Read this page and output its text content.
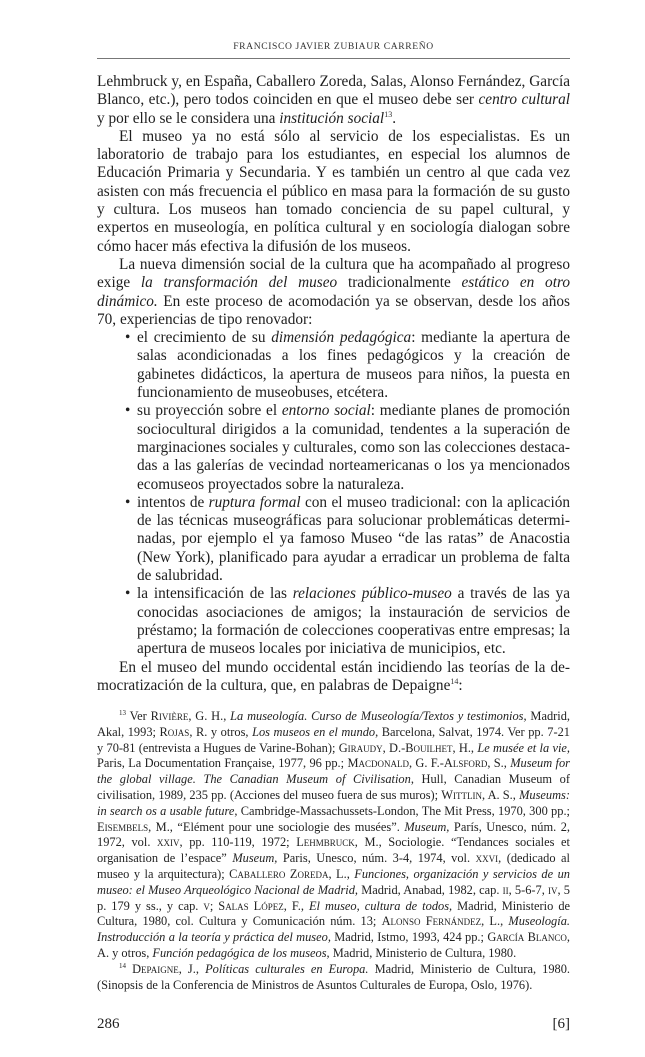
FRANCISCO JAVIER ZUBIAUR CARREÑO

Lehmbruck y, en España, Caballero Zoreda, Salas, Alonso Fernández, García Blanco, etc.), pero todos coinciden en que el museo debe ser centro cultural y por ello se le considera una institución social$^{13}$.

El museo ya no está sólo al servicio de los especialistas. Es un laboratorio de trabajo para los estudiantes, en especial los alumnos de Educación Primaria y Secundaria. Y es también un centro al que cada vez asisten con más frecuencia el público en masa para la formación de su gusto y cultura. Los museos han tomado conciencia de su papel cultural, y expertos en museología, en política cultural y en sociología dialogan sobre cómo hacer más efectiva la difusión de los museos.

La nueva dimensión social de la cultura que ha acompañado al progreso exige la transformación del museo tradicionalmente estático en otro dinámico. En este proceso de acomodación ya se observan, desde los años 70, experiencias de tipo renovador:

• el crecimiento de su dimensión pedagógica: mediante la apertura de salas acondicionadas a los fines pedagógicos y la creación de gabinetes didácticos, la apertura de museos para niños, la puesta en funcionamiento de museobuses, etcétera.
• su proyección sobre el entorno social: mediante planes de promoción sociocultural dirigidos a la comunidad, tendentes a la superación de marginaciones sociales y culturales, como son las colecciones destacadas a las galerías de vecindad norteamericanas o los ya mencionados ecomuseos proyectados sobre la naturaleza.
• intentos de ruptura formal con el museo tradicional: con la aplicación de las técnicas museográficas para solucionar problemáticas determinadas, por ejemplo el ya famoso Museo “de las ratas” de Anacostia (New York), planificado para ayudar a erradicar un problema de falta de salubridad.
• la intensificación de las relaciones público-museo a través de las ya conocidas asociaciones de amigos; la instauración de servicios de préstamo; la formación de colecciones cooperativas entre empresas; la apertura de museos locales por iniciativa de municipios, etc.

En el museo del mundo occidental están incidiendo las teorías de la democratización de la cultura, que, en palabras de Depaigne$^{14}$:

$^{13}$ Ver Rivière, G. H., La museología. Curso de Museología/Textos y testimonios, Madrid, Akal, 1993; Rojas, R. y otros, Los museos en el mundo, Barcelona, Salvat, 1974. Ver pp. 7-21 y 70-81 (entrevista a Hugues de Varine-Bohan); Giraudy, D.-Bouilhet, H., Le musée et la vie, Paris, La Documentation Française, 1977, 96 pp.; Macdonald, G. F.-Alsford, S., Museum for the global village. The Canadian Museum of Civilisation, Hull, Canadian Museum of civilisation, 1989, 235 pp. (Acciones del museo fuera de sus muros); Wittlin, A. S., Museums: in search os a usable future, Cambridge-Massachussets-London, The Mit Press, 1970, 300 pp.; Eisembels, M., “Elément pour une sociologie des musées”. Museum, París, Unesco, núm. 2, 1972, vol. xxiv, pp. 110-119, 1972; Lehmbruck, M., Sociologie. “Tendances sociales et organisation de l’espace” Museum, Paris, Unesco, núm. 3-4, 1974, vol. xxvi, (dedicado al museo y la arquitectura); Caballero Zoreda, L., Funciones, organización y servicios de un museo: el Museo Arqueológico Nacional de Madrid, Madrid, Anabad, 1982, cap. ii, 5-6-7, iv, 5 p. 179 y ss., y cap. v; Salas López, F., El museo, cultura de todos, Madrid, Ministerio de Cultura, 1980, col. Cultura y Comunicación núm. 13; Alonso Fernández, L., Museología. Instroducción a la teoría y práctica del museo, Madrid, Istmo, 1993, 424 pp.; García Blanco, A. y otros, Función pedagógica de los museos, Madrid, Ministerio de Cultura, 1980.

$^{14}$ Depaigne, J., Políticas culturales en Europa. Madrid, Ministerio de Cultura, 1980. (Sinopsis de la Conferencia de Ministros de Asuntos Culturales de Europa, Oslo, 1976).

286	[6]
